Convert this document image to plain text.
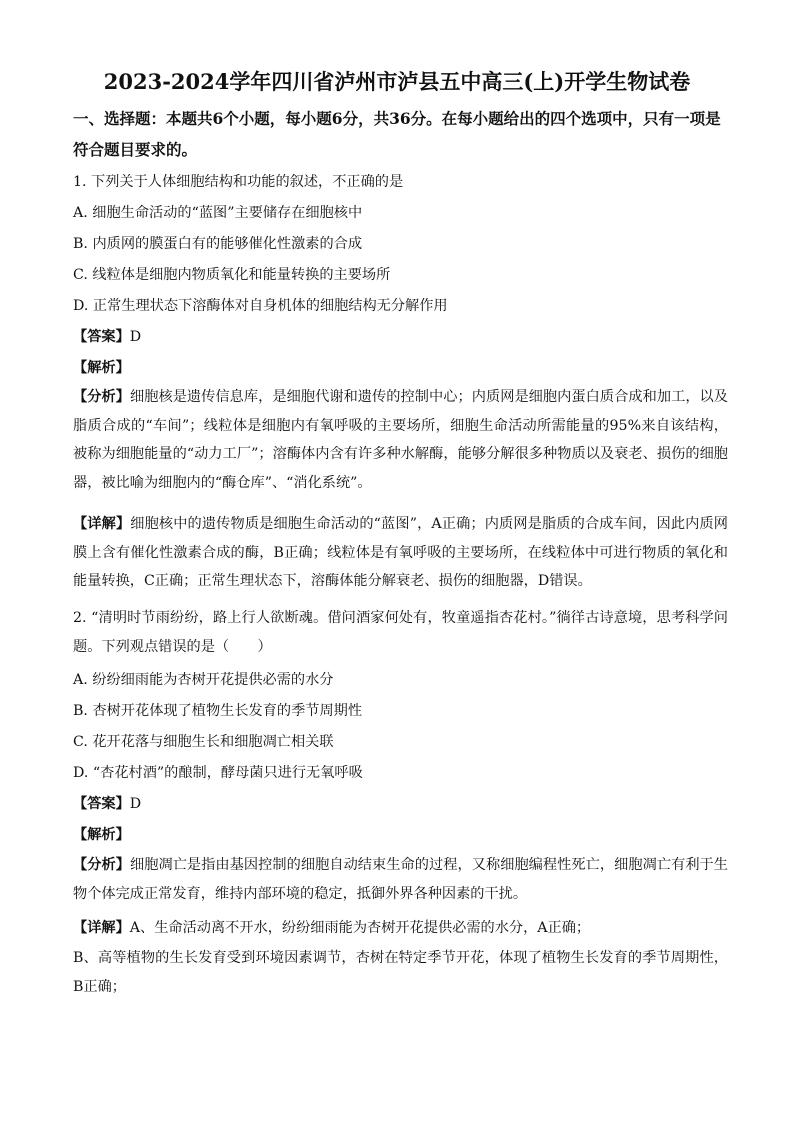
2023-2024学年四川省泸州市泸县五中高三(上)开学生物试卷
一、选择题：本题共6个小题，每小题6分，共36分。在每小题给出的四个选项中，只有一项是符合题目要求的。
1. 下列关于人体细胞结构和功能的叙述，不正确的是
A. 细胞生命活动的“蓝图”主要储存在细胞核中
B. 内质网的膜蛋白有的能够催化性激素的合成
C. 线粒体是细胞内物质氧化和能量转换的主要场所
D. 正常生理状态下溶酶体对自身机体的细胞结构无分解作用
【答案】D
【解析】
【分析】细胞核是遗传信息库，是细胞代谢和遗传的控制中心；内质网是细胞内蛋白质合成和加工，以及脂质合成的“车间”；线粒体是细胞内有氧呼吸的主要场所，细胞生命活动所需能量的95%来自该结构，被称为细胞能量的“动力工厂”；溶酶体内含有许多种水解酶，能够分解很多种物质以及衰老、损伤的细胞器，被比喻为细胞内的“酶仓库”、“消化系统”。
【详解】细胞核中的遗传物质是细胞生命活动的“蓝图”，A正确；内质网是脂质的合成车间，因此内质网膜上含有催化性激素合成的酶，B正确；线粒体是有氧呼吸的主要场所，在线粒体中可进行物质的氧化和能量转换，C正确；正常生理状态下，溶酶体能分解衰老、损伤的细胞器，D错误。
2. “清明时节雨纷纷，路上行人欲断魂。借问酒家何处有，牧童遥指杏花村。”徜徉古诗意境，思考科学问题。下列观点错误的是（　　）
A. 纷纷细雨能为杏树开花提供必需的水分
B. 杏树开花体现了植物生长发育的季节周期性
C. 花开花落与细胞生长和细胞凋亡相关联
D. “杏花村酒”的酿制，酵母菌只进行无氧呼吸
【答案】D
【解析】
【分析】细胞凋亡是指由基因控制的细胞自动结束生命的过程，又称细胞编程性死亡，细胞凋亡有利于生物个体完成正常发育，维持内部环境的稳定，抵御外界各种因素的干扰。
【详解】A、生命活动离不开水，纷纷细雨能为杏树开花提供必需的水分，A正确；
B、高等植物的生长发育受到环境因素调节，杏树在特定季节开花，体现了植物生长发育的季节周期性，B正确；
